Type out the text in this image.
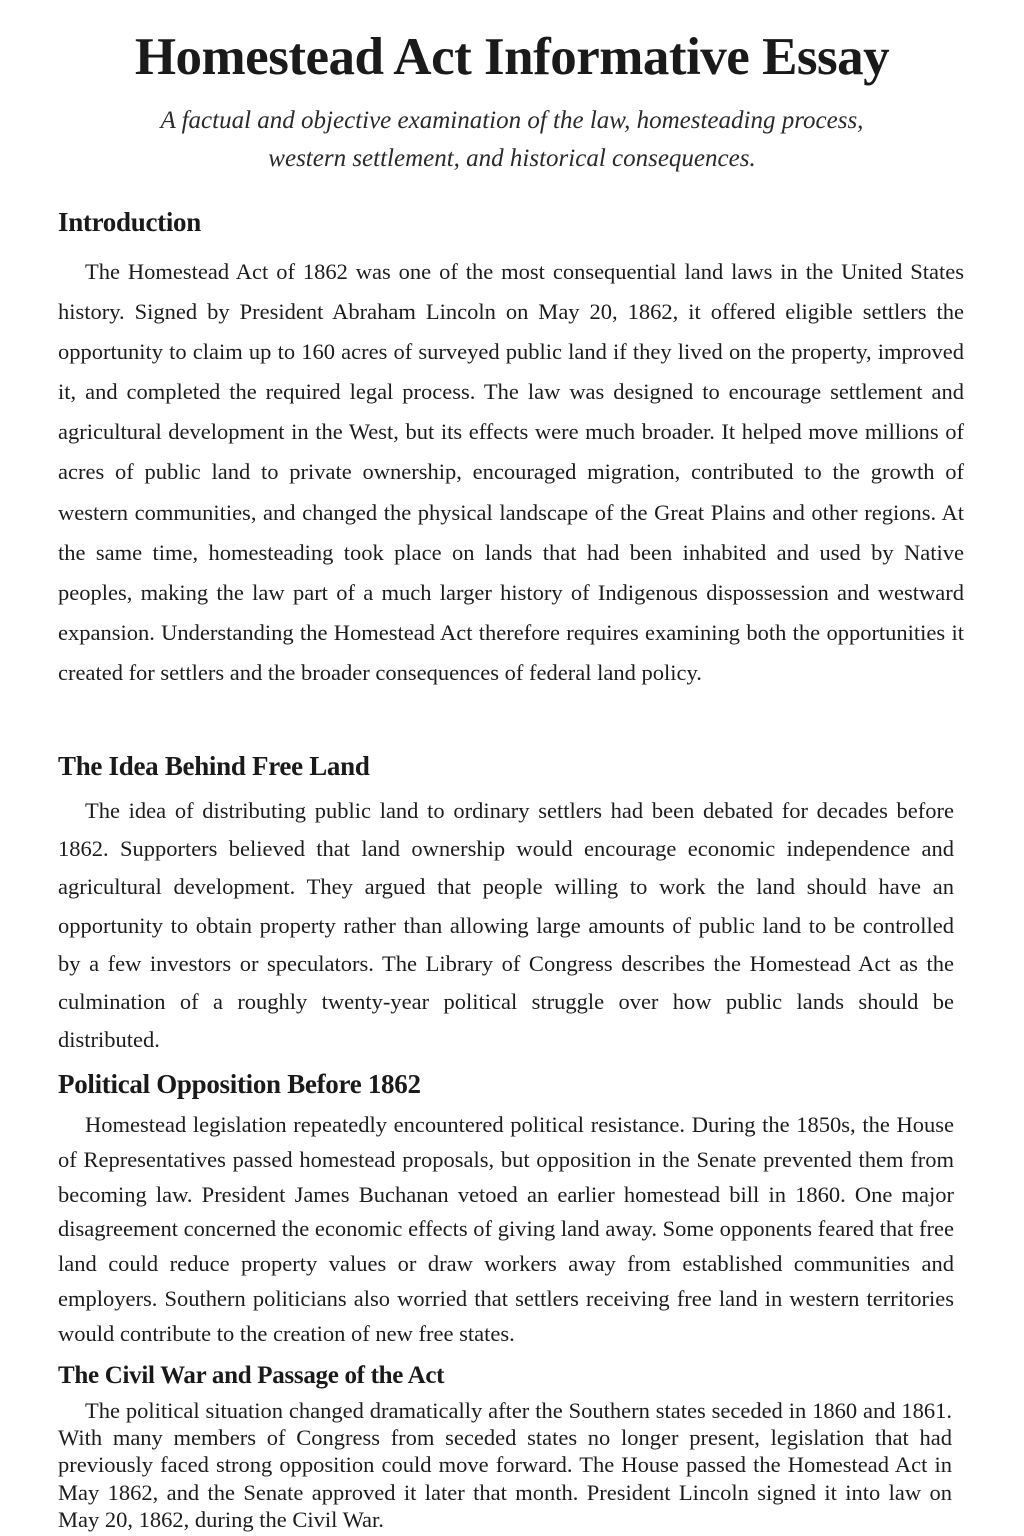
Homestead Act Informative Essay

A factual and objective examination of the law, homesteading process, western settlement, and historical consequences.

Introduction

The Homestead Act of 1862 was one of the most consequential land laws in the United States history. Signed by President Abraham Lincoln on May 20, 1862, it offered eligible settlers the opportunity to claim up to 160 acres of surveyed public land if they lived on the property, improved it, and completed the required legal process. The law was designed to encourage settlement and agricultural development in the West, but its effects were much broader. It helped move millions of acres of public land to private ownership, encouraged migration, contributed to the growth of western communities, and changed the physical landscape of the Great Plains and other regions. At the same time, homesteading took place on lands that had been inhabited and used by Native peoples, making the law part of a much larger history of Indigenous dispossession and westward expansion. Understanding the Homestead Act therefore requires examining both the opportunities it created for settlers and the broader consequences of federal land policy.

The Idea Behind Free Land

The idea of distributing public land to ordinary settlers had been debated for decades before 1862. Supporters believed that land ownership would encourage economic independence and agricultural development. They argued that people willing to work the land should have an opportunity to obtain property rather than allowing large amounts of public land to be controlled by a few investors or speculators. The Library of Congress describes the Homestead Act as the culmination of a roughly twenty-year political struggle over how public lands should be distributed.

Political Opposition Before 1862

Homestead legislation repeatedly encountered political resistance. During the 1850s, the House of Representatives passed homestead proposals, but opposition in the Senate prevented them from becoming law. President James Buchanan vetoed an earlier homestead bill in 1860. One major disagreement concerned the economic effects of giving land away. Some opponents feared that free land could reduce property values or draw workers away from established communities and employers. Southern politicians also worried that settlers receiving free land in western territories would contribute to the creation of new free states.

The Civil War and Passage of the Act

The political situation changed dramatically after the Southern states seceded in 1860 and 1861. With many members of Congress from seceded states no longer present, legislation that had previously faced strong opposition could move forward. The House passed the Homestead Act in May 1862, and the Senate approved it later that month. President Lincoln signed it into law on May 20, 1862, during the Civil War.
